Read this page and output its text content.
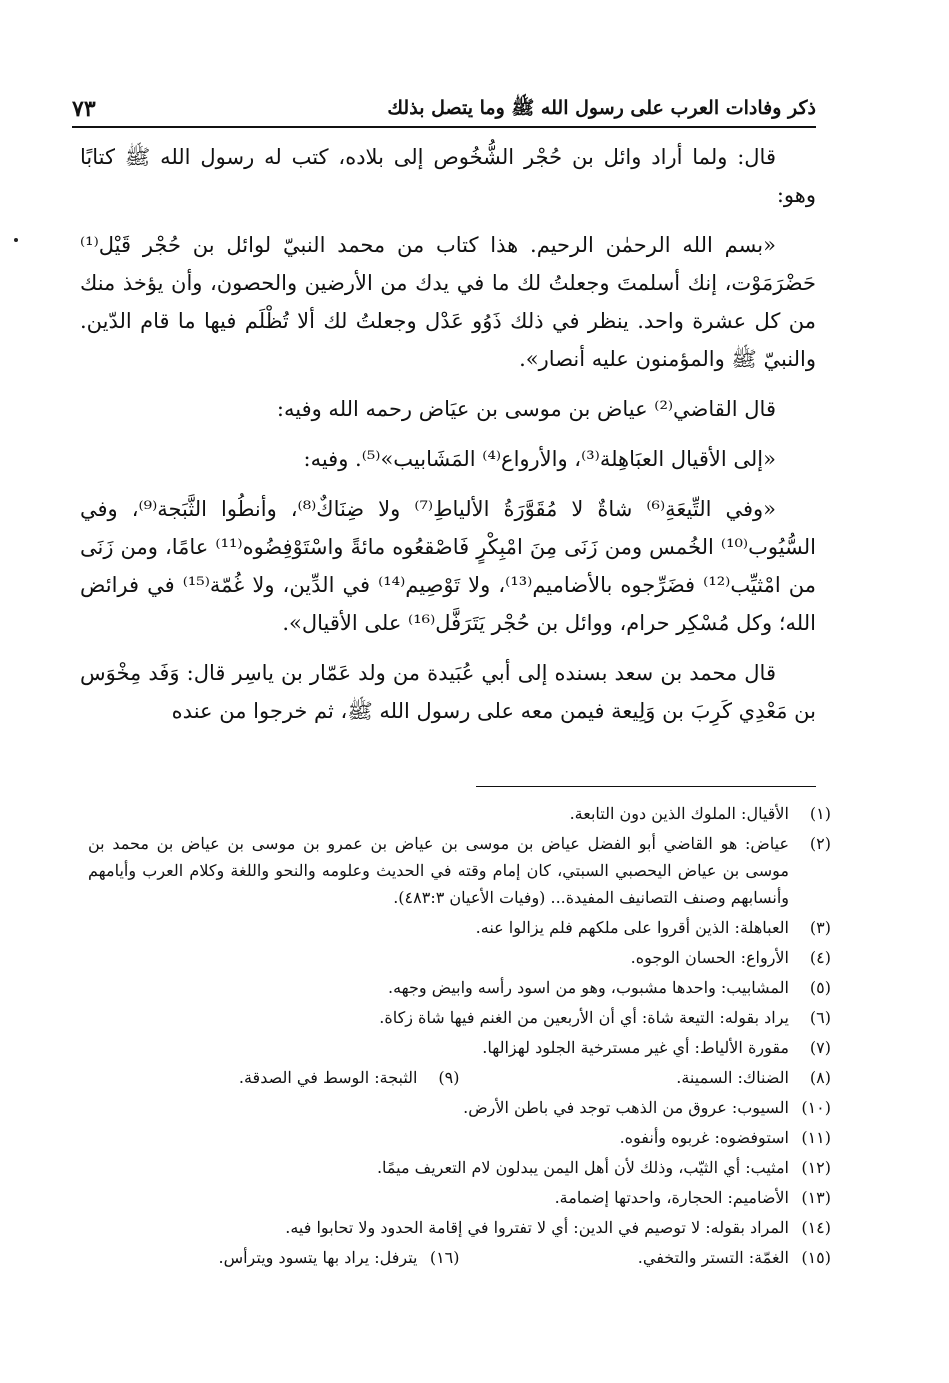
ذكر وفادات العرب على رسول الله ﷺ وما يتصل بذلك
٧٣

قال: ولما أراد وائل بن حُجْر الشُّخُوص إلى بلاده، كتب له رسول الله ﷺ كتابًا وهو:

«بسم الله الرحمٰن الرحيم. هذا كتاب من محمد النبيّ لوائل بن حُجْر قَيْل⁽¹⁾ حَضْرَمَوْت، إنك أسلمتَ وجعلتُ لك ما في يدك من الأرضين والحصون، وأن يؤخذ منك من كل عشرة واحد. ينظر في ذلك ذَوُو عَدْل وجعلتُ لك ألا تُظْلَم فيها ما قام الدّين. والنبيّ ﷺ والمؤمنون عليه أنصار».

قال القاضي⁽²⁾ عياض بن موسى بن عيَاض رحمه الله وفيه:

«إلى الأقيال العبَاهِلة⁽³⁾، والأرواع⁽⁴⁾ المَشَابيب»⁽⁵⁾. وفيه:

«وفي التِّيعَةِ⁽⁶⁾ شاةٌ لا مُقَوَّرَةُ الألياطِ⁽⁷⁾ ولا ضِنَاكٌ⁽⁸⁾، وأنطُوا الثَّبَجة⁽⁹⁾، وفي السُّيُوب⁽¹⁰⁾ الخُمس ومن زَنَى مِنَ امْبِكْرٍ فَاصْقعُوه مائةً واسْتَوْفِضُوه⁽¹¹⁾ عامًا، ومن زَنَى من امْثيِّب⁽¹²⁾ فضَرِّجوه بالأضاميم⁽¹³⁾، ولا تَوْصِيم⁽¹⁴⁾ في الدِّين، ولا غُمّة⁽¹⁵⁾ في فرائض الله؛ وكل مُسْكِر حرام، ووائل بن حُجْر يَتَرَفَّل⁽¹⁶⁾ على الأقيال».

قال محمد بن سعد بسنده إلى أبي عُبَيدة من ولد عَمّار بن ياسِر قال: وَفَد مِخْوَس بن مَعْدِي كَرِبَ بن وَلِيعة فيمن معه على رسول الله ﷺ، ثم خرجوا من عنده

(١)
الأقيال: الملوك الذين دون التابعة.
(٢)
عياض: هو القاضي أبو الفضل عياض بن موسى بن عياض بن عمرو بن موسى بن عياض بن محمد بن موسى بن عياض اليحصبي السبتي، كان إمام وقته في الحديث وعلومه والنحو واللغة وكلام العرب وأيامهم وأنسابهم وصنف التصانيف المفيدة... (وفيات الأعيان ٤٨٣:٣).
(٣)
العباهلة: الذين أقروا على ملكهم فلم يزالوا عنه.
(٤)
الأرواع: الحسان الوجوه.
(٥)
المشابيب: واحدها مشبوب، وهو من اسود رأسه وابيض وجهه.
(٦)
يراد بقوله: التيعة شاة: أي أن الأربعين من الغنم فيها شاة زكاة.
(٧)
مقورة الألياط: أي غير مسترخية الجلود لهزالها.
(٨)
الضناك: السمينة.
(٩)
الثبجة: الوسط في الصدقة.
(١٠)
السيوب: عروق من الذهب توجد في باطن الأرض.
(١١)
استوفضوه: غربوه وأنفوه.
(١٢)
امثيب: أي الثيّب، وذلك لأن أهل اليمن يبدلون لام التعريف ميمًا.
(١٣)
الأضاميم: الحجارة، واحدتها إضمامة.
(١٤)
المراد بقوله: لا توصيم في الدين: أي لا تفتروا في إقامة الحدود ولا تحابوا فيه.
(١٥)
الغمّة: التستر والتخفي.
(١٦)
يترفل: يراد بها يتسود ويترأس.
